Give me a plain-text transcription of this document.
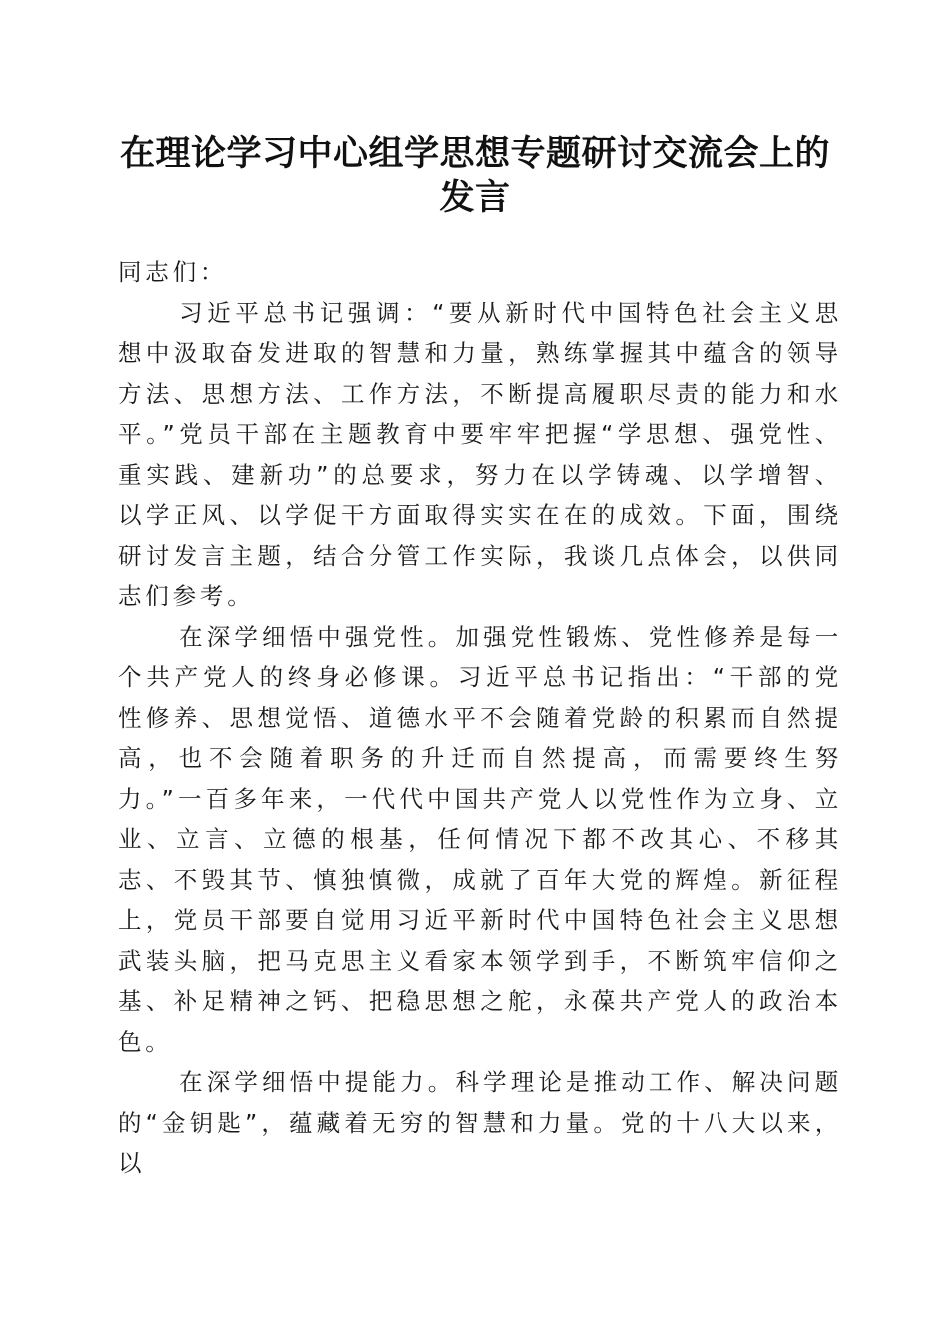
在理论学习中心组学思想专题研讨交流会上的发言

同志们：

习近平总书记强调：“要从新时代中国特色社会主义思想中汲取奋发进取的智慧和力量，熟练掌握其中蕴含的领导方法、思想方法、工作方法，不断提高履职尽责的能力和水平。”党员干部在主题教育中要牢牢把握“学思想、强党性、重实践、建新功”的总要求，努力在以学铸魂、以学增智、以学正风、以学促干方面取得实实在在的成效。下面，围绕研讨发言主题，结合分管工作实际，我谈几点体会，以供同志们参考。

在深学细悟中强党性。加强党性锻炼、党性修养是每一个共产党人的终身必修课。习近平总书记指出：“干部的党性修养、思想觉悟、道德水平不会随着党龄的积累而自然提高，也不会随着职务的升迁而自然提高，而需要终生努力。”一百多年来，一代代中国共产党人以党性作为立身、立业、立言、立德的根基，任何情况下都不改其心、不移其志、不毁其节、慎独慎微，成就了百年大党的辉煌。新征程上，党员干部要自觉用习近平新时代中国特色社会主义思想武装头脑，把马克思主义看家本领学到手，不断筑牢信仰之基、补足精神之钙、把稳思想之舵，永葆共产党人的政治本色。

在深学细悟中提能力。科学理论是推动工作、解决问题的“金钥匙”，蕴藏着无穷的智慧和力量。党的十八大以来，以
